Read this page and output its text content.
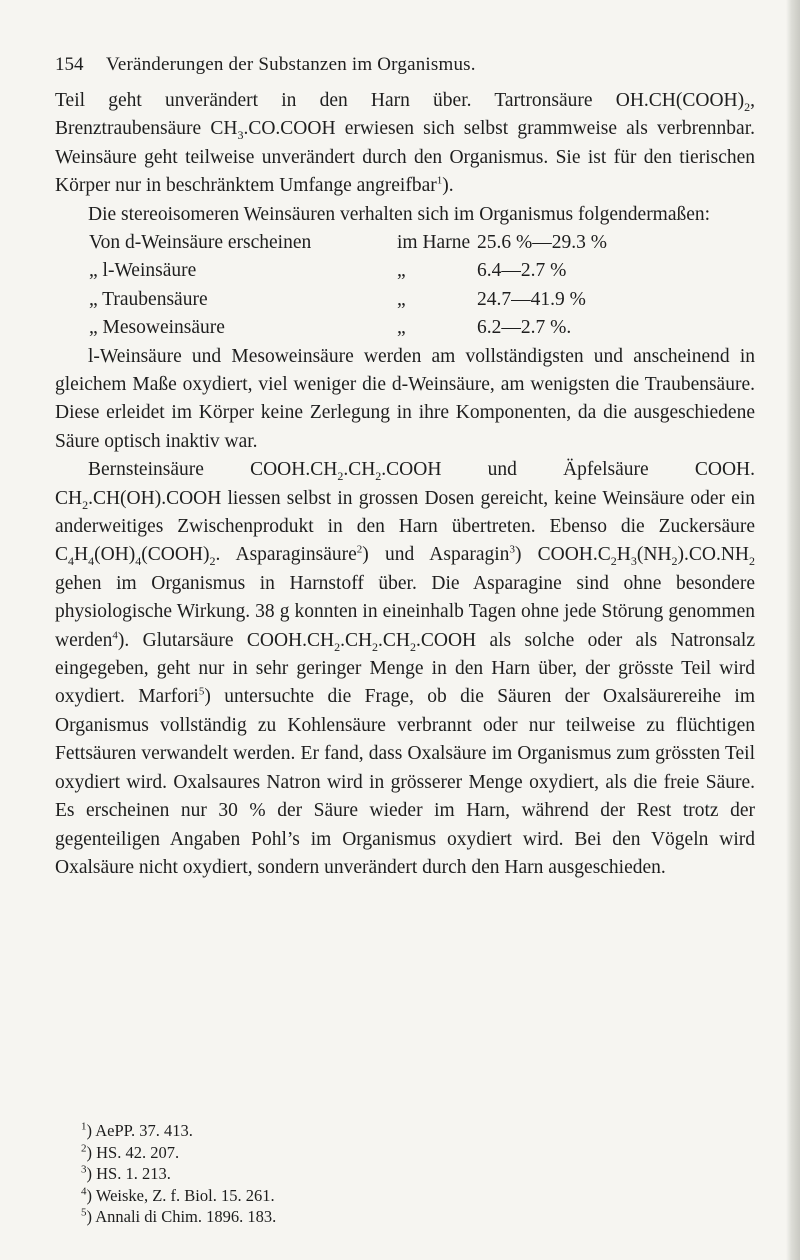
154 Veränderungen der Substanzen im Organismus.

Teil geht unverändert in den Harn über. Tartronsäure $OH.CH(COOH)_2$, Brenztraubensäure $CH_3.CO.COOH$ erwiesen sich selbst grammweise als verbrennbar. Weinsäure geht teilweise unverändert durch den Organismus. Sie ist für den tierischen Körper nur in beschränktem Umfange angreifbar$^1$).

Die stereoisomeren Weinsäuren verhalten sich im Organismus folgendermaßen:

Von d-Weinsäure erscheinen	im Harne 25.6 %—29.3 %
„ l-Weinsäure	„	6.4—2.7 %
„ Traubensäure	„	24.7—41.9 %
„ Mesoweinsäure	„	6.2—2.7 %.

l-Weinsäure und Mesoweinsäure werden am vollständigsten und anscheinend in gleichem Maße oxydiert, viel weniger die d-Weinsäure, am wenigsten die Traubensäure. Diese erleidet im Körper keine Zerlegung in ihre Komponenten, da die ausgeschiedene Säure optisch inaktiv war.

Bernsteinsäure $COOH.CH_2.CH_2.COOH$ und Äpfelsäure COOH. $CH_2.CH(OH).COOH$ liessen selbst in grossen Dosen gereicht, keine Weinsäure oder ein anderweitiges Zwischenprodukt in den Harn übertreten. Ebenso die Zuckersäure $C_4H_4(OH)_4(COOH)_2$. Asparaginsäure$^2$) und Asparagin$^3$) $COOH.C_2H_3(NH_2).CO.NH_2$ gehen im Organismus in Harnstoff über. Die Asparagine sind ohne besondere physiologische Wirkung. 38 g konnten in eineinhalb Tagen ohne jede Störung genommen werden$^4$). Glutarsäure $COOH.CH_2.CH_2.CH_2.COOH$ als solche oder als Natronsalz eingegeben, geht nur in sehr geringer Menge in den Harn über, der grösste Teil wird oxydiert. Marfori$^5$) untersuchte die Frage, ob die Säuren der Oxalsäurereihe im Organismus vollständig zu Kohlensäure verbrannt oder nur teilweise zu flüchtigen Fettsäuren verwandelt werden. Er fand, dass Oxalsäure im Organismus zum grössten Teil oxydiert wird. Oxalsaures Natron wird in grösserer Menge oxydiert, als die freie Säure. Es erscheinen nur 30 % der Säure wieder im Harn, während der Rest trotz der gegenteiligen Angaben Pohl’s im Organismus oxydiert wird. Bei den Vögeln wird Oxalsäure nicht oxydiert, sondern unverändert durch den Harn ausgeschieden.

$^1$) AePP. 37. 413.
$^2$) HS. 42. 207.
$^3$) HS. 1. 213.
$^4$) Weiske, Z. f. Biol. 15. 261.
$^5$) Annali di Chim. 1896. 183.
